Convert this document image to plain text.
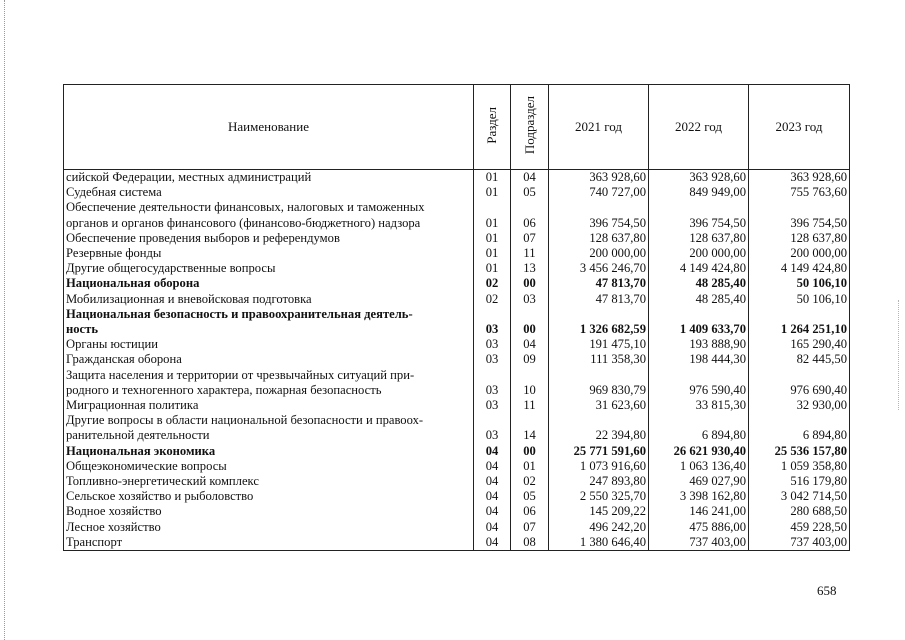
Наименование	Раздел	Подраздел	2021 год	2022 год	2023 год

сийской Федерации, местных администраций	01	04	363 928,60	363 928,60	363 928,60

Судебная система	01	05	740 727,00	849 949,00	755 763,60

Обеспечение деятельности финансовых, налоговых и таможенных
органов и органов финансового (финансово-бюджетного) надзора	01	06	396 754,50	396 754,50	396 754,50

Обеспечение проведения выборов и референдумов	01	07	128 637,80	128 637,80	128 637,80

Резервные фонды	01	11	200 000,00	200 000,00	200 000,00

Другие общегосударственные вопросы	01	13	3 456 246,70	4 149 424,80	4 149 424,80

Национальная оборона	02	00	47 813,70	48 285,40	50 106,10

Мобилизационная и вневойсковая подготовка	02	03	47 813,70	48 285,40	50 106,10

Национальная безопасность и правоохранительная деятель-
ность	03	00	1 326 682,59	1 409 633,70	1 264 251,10

Органы юстиции	03	04	191 475,10	193 888,90	165 290,40

Гражданская оборона	03	09	111 358,30	198 444,30	82 445,50

Защита населения и территории от чрезвычайных ситуаций при-
родного и техногенного характера, пожарная безопасность	03	10	969 830,79	976 590,40	976 690,40

Миграционная политика	03	11	31 623,60	33 815,30	32 930,00

Другие вопросы в области национальной безопасности и правоох-
ранительной деятельности	03	14	22 394,80	6 894,80	6 894,80

Национальная экономика	04	00	25 771 591,60	26 621 930,40	25 536 157,80

Общеэкономические вопросы	04	01	1 073 916,60	1 063 136,40	1 059 358,80

Топливно-энергетический комплекс	04	02	247 893,80	469 027,90	516 179,80

Сельское хозяйство и рыболовство	04	05	2 550 325,70	3 398 162,80	3 042 714,50

Водное хозяйство	04	06	145 209,22	146 241,00	280 688,50

Лесное хозяйство	04	07	496 242,20	475 886,00	459 228,50

Транспорт	04	08	1 380 646,40	737 403,00	737 403,00
658
